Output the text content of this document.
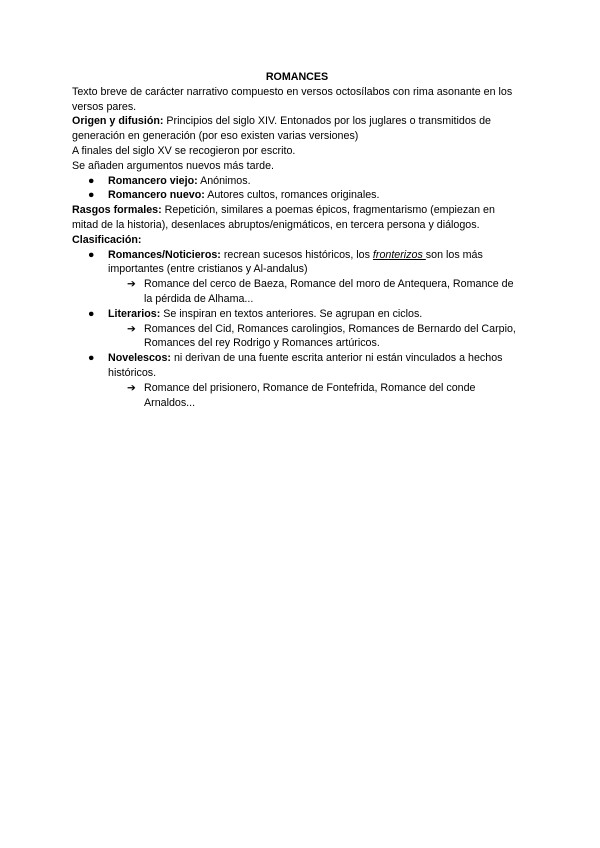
ROMANCES

Texto breve de carácter narrativo compuesto en versos octosílabos con rima asonante en los versos pares.

Origen y difusión: Principios del siglo XIV. Entonados por los juglares o transmitidos de generación en generación (por eso existen varias versiones)

A finales del siglo XV se recogieron por escrito.

Se añaden argumentos nuevos más tarde.

● Romancero viejo: Anónimos.
● Romancero nuevo: Autores cultos, romances originales.

Rasgos formales: Repetición, similares a poemas épicos, fragmentarismo (empiezan en mitad de la historia), desenlaces abruptos/enigmáticos, en tercera persona y diálogos.

Clasificación:

● Romances/Noticieros: recrean sucesos históricos, los fronterizos son los más importantes (entre cristianos y Al-andalus)
➔ Romance del cerco de Baeza, Romance del moro de Antequera, Romance de la pérdida de Alhama...
● Literarios: Se inspiran en textos anteriores. Se agrupan en ciclos.
➔ Romances del Cid, Romances carolingios, Romances de Bernardo del Carpio, Romances del rey Rodrigo y Romances artúricos.
● Novelescos: ni derivan de una fuente escrita anterior ni están vinculados a hechos históricos.
➔ Romance del prisionero, Romance de Fontefrida, Romance del conde Arnaldos...
